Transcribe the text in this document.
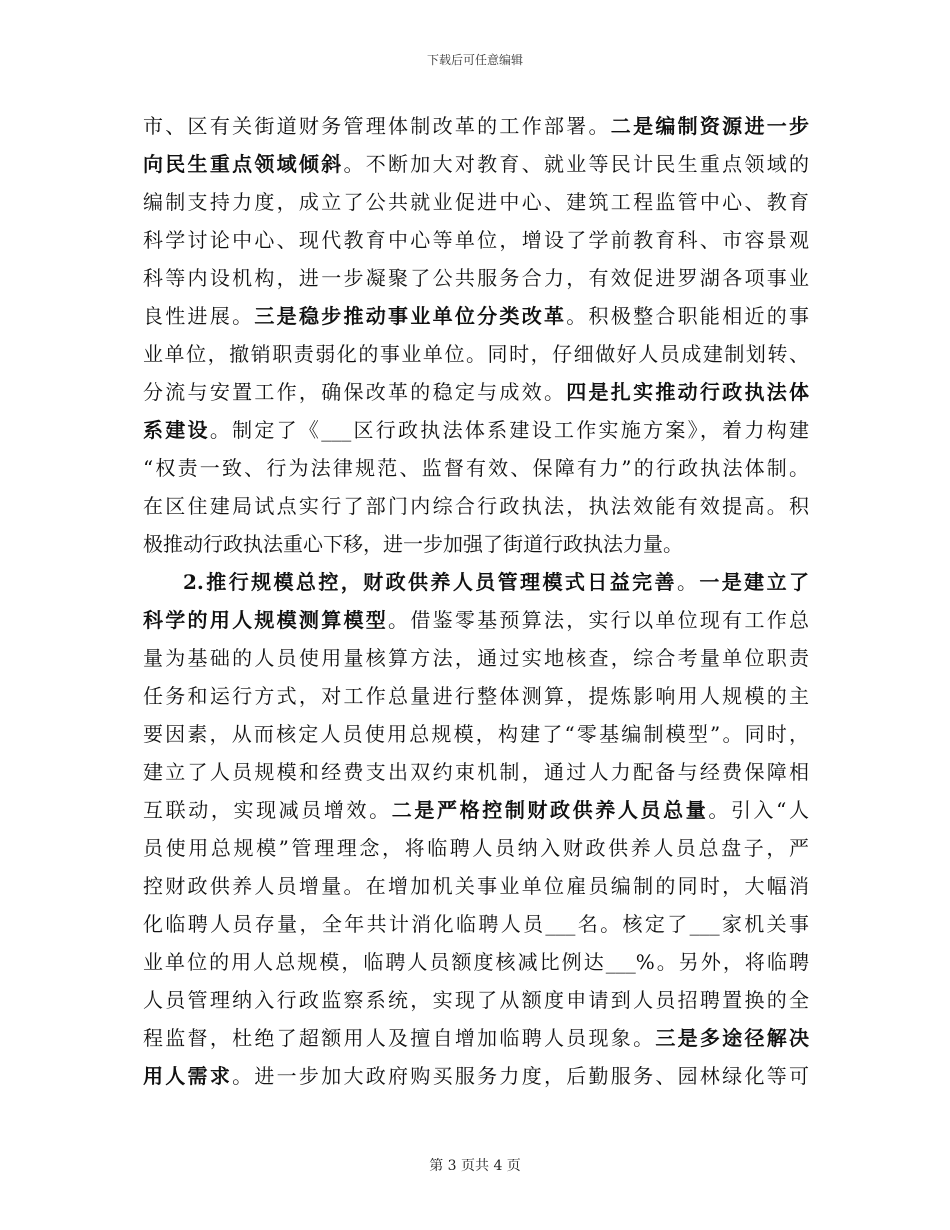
下载后可任意编辑
市、区有关街道财务管理体制改革的工作部署。二是编制资源进一步
向民生重点领域倾斜。不断加大对教育、就业等民计民生重点领域的
编制支持力度，成立了公共就业促进中心、建筑工程监管中心、教育
科学讨论中心、现代教育中心等单位，增设了学前教育科、市容景观
科等内设机构，进一步凝聚了公共服务合力，有效促进罗湖各项事业
良性进展。三是稳步推动事业单位分类改革。积极整合职能相近的事
业单位，撤销职责弱化的事业单位。同时，仔细做好人员成建制划转、
分流与安置工作，确保改革的稳定与成效。四是扎实推动行政执法体
系建设。制定了《___区行政执法体系建设工作实施方案》，着力构建
“权责一致、行为法律规范、监督有效、保障有力”的行政执法体制。
在区住建局试点实行了部门内综合行政执法，执法效能有效提高。积
极推动行政执法重心下移，进一步加强了街道行政执法力量。
2.推行规模总控，财政供养人员管理模式日益完善。一是建立了
科学的用人规模测算模型。借鉴零基预算法，实行以单位现有工作总
量为基础的人员使用量核算方法，通过实地核查，综合考量单位职责
任务和运行方式，对工作总量进行整体测算，提炼影响用人规模的主
要因素，从而核定人员使用总规模，构建了“零基编制模型”。同时，
建立了人员规模和经费支出双约束机制，通过人力配备与经费保障相
互联动，实现减员增效。二是严格控制财政供养人员总量。引入“人
员使用总规模”管理理念，将临聘人员纳入财政供养人员总盘子，严
控财政供养人员增量。在增加机关事业单位雇员编制的同时，大幅消
化临聘人员存量，全年共计消化临聘人员___名。核定了___家机关事
业单位的用人总规模，临聘人员额度核减比例达___%。另外，将临聘
人员管理纳入行政监察系统，实现了从额度申请到人员招聘置换的全
程监督，杜绝了超额用人及擅自增加临聘人员现象。三是多途径解决
用人需求。进一步加大政府购买服务力度，后勤服务、园林绿化等可
第 3 页共 4 页
